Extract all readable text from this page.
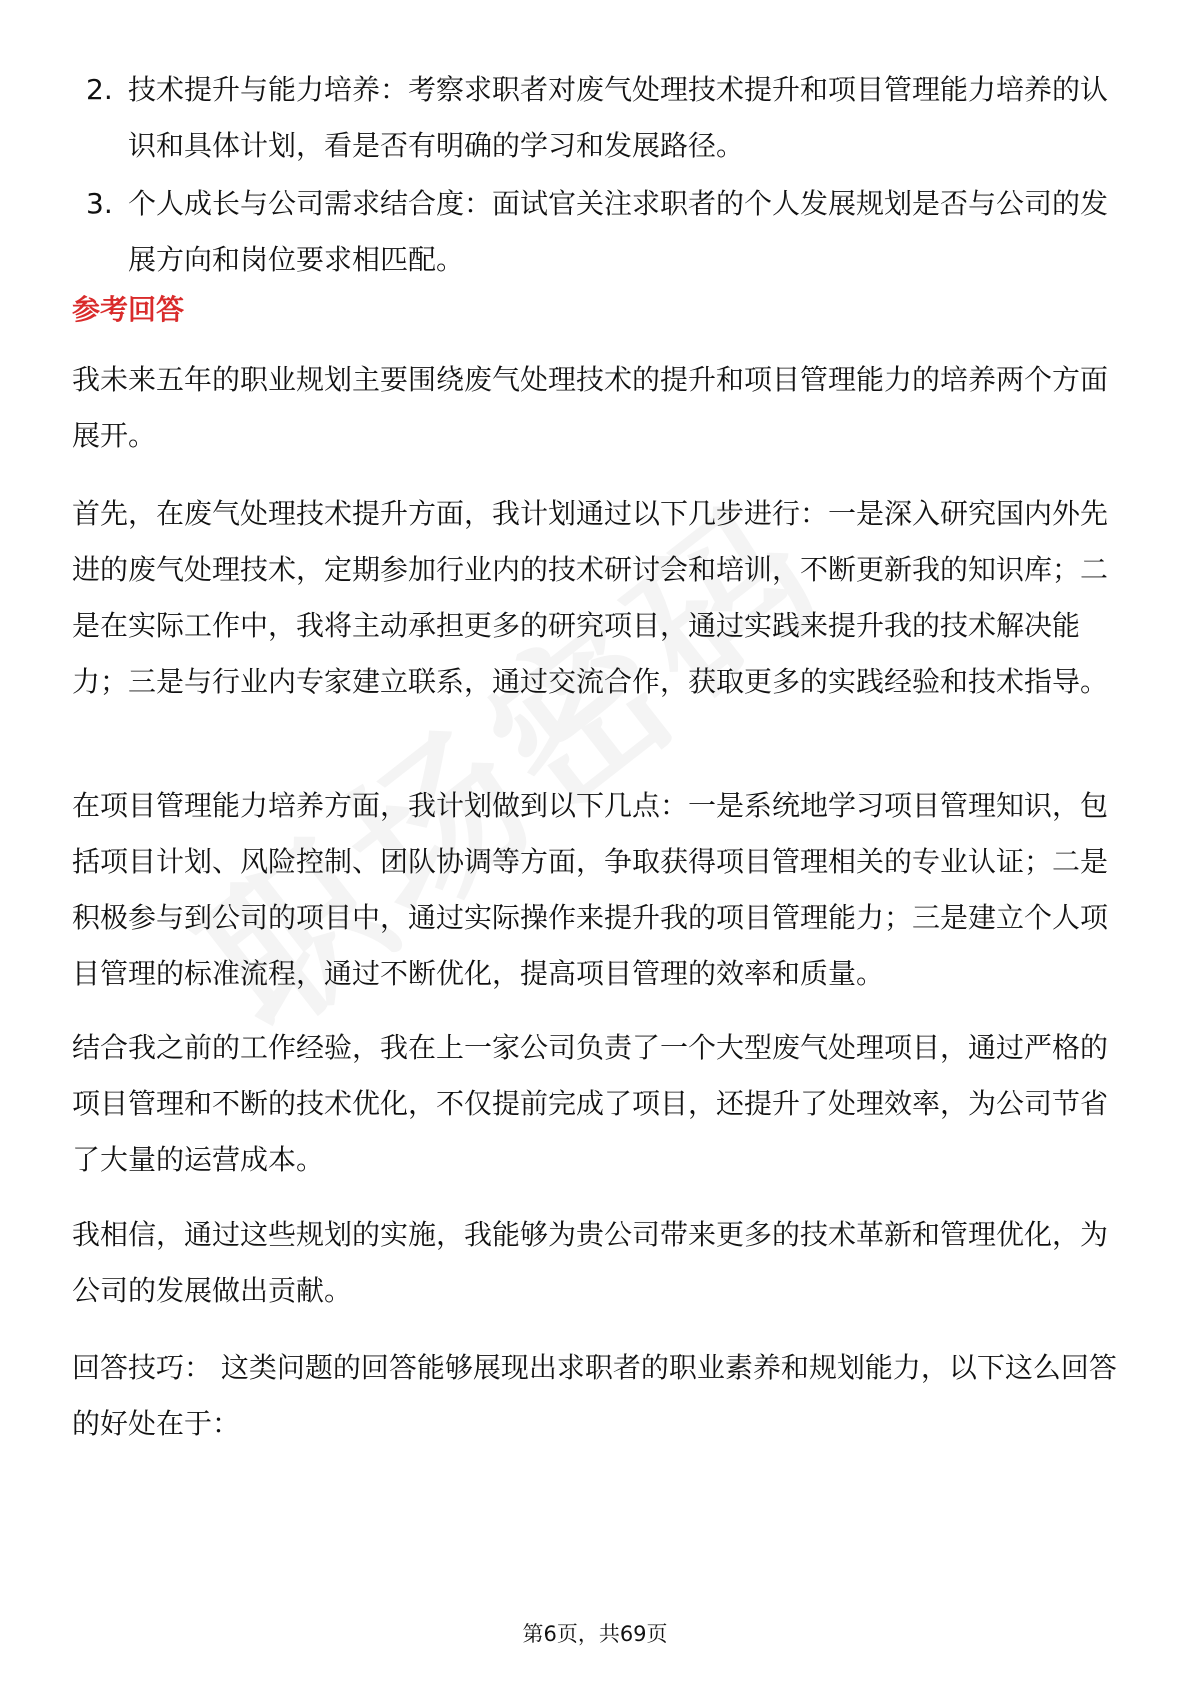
2. 技术提升与能力培养：考察求职者对废气处理技术提升和项目管理能力培养的认识和具体计划，看是否有明确的学习和发展路径。
3. 个人成长与公司需求结合度：面试官关注求职者的个人发展规划是否与公司的发展方向和岗位要求相匹配。
参考回答
我未来五年的职业规划主要围绕废气处理技术的提升和项目管理能力的培养两个方面展开。
首先，在废气处理技术提升方面，我计划通过以下几步进行：一是深入研究国内外先进的废气处理技术，定期参加行业内的技术研讨会和培训，不断更新我的知识库；二是在实际工作中，我将主动承担更多的研究项目，通过实践来提升我的技术解决能力；三是与行业内专家建立联系，通过交流合作，获取更多的实践经验和技术指导。
在项目管理能力培养方面，我计划做到以下几点：一是系统地学习项目管理知识，包括项目计划、风险控制、团队协调等方面，争取获得项目管理相关的专业认证；二是积极参与到公司的项目中，通过实际操作来提升我的项目管理能力；三是建立个人项目管理的标准流程，通过不断优化，提高项目管理的效率和质量。
结合我之前的工作经验，我在上一家公司负责了一个大型废气处理项目，通过严格的项目管理和不断的技术优化，不仅提前完成了项目，还提升了处理效率，为公司节省了大量的运营成本。
我相信，通过这些规划的实施，我能够为贵公司带来更多的技术革新和管理优化，为公司的发展做出贡献。
回答技巧： 这类问题的回答能够展现出求职者的职业素养和规划能力，以下这么回答的好处在于：
第6页，共69页
